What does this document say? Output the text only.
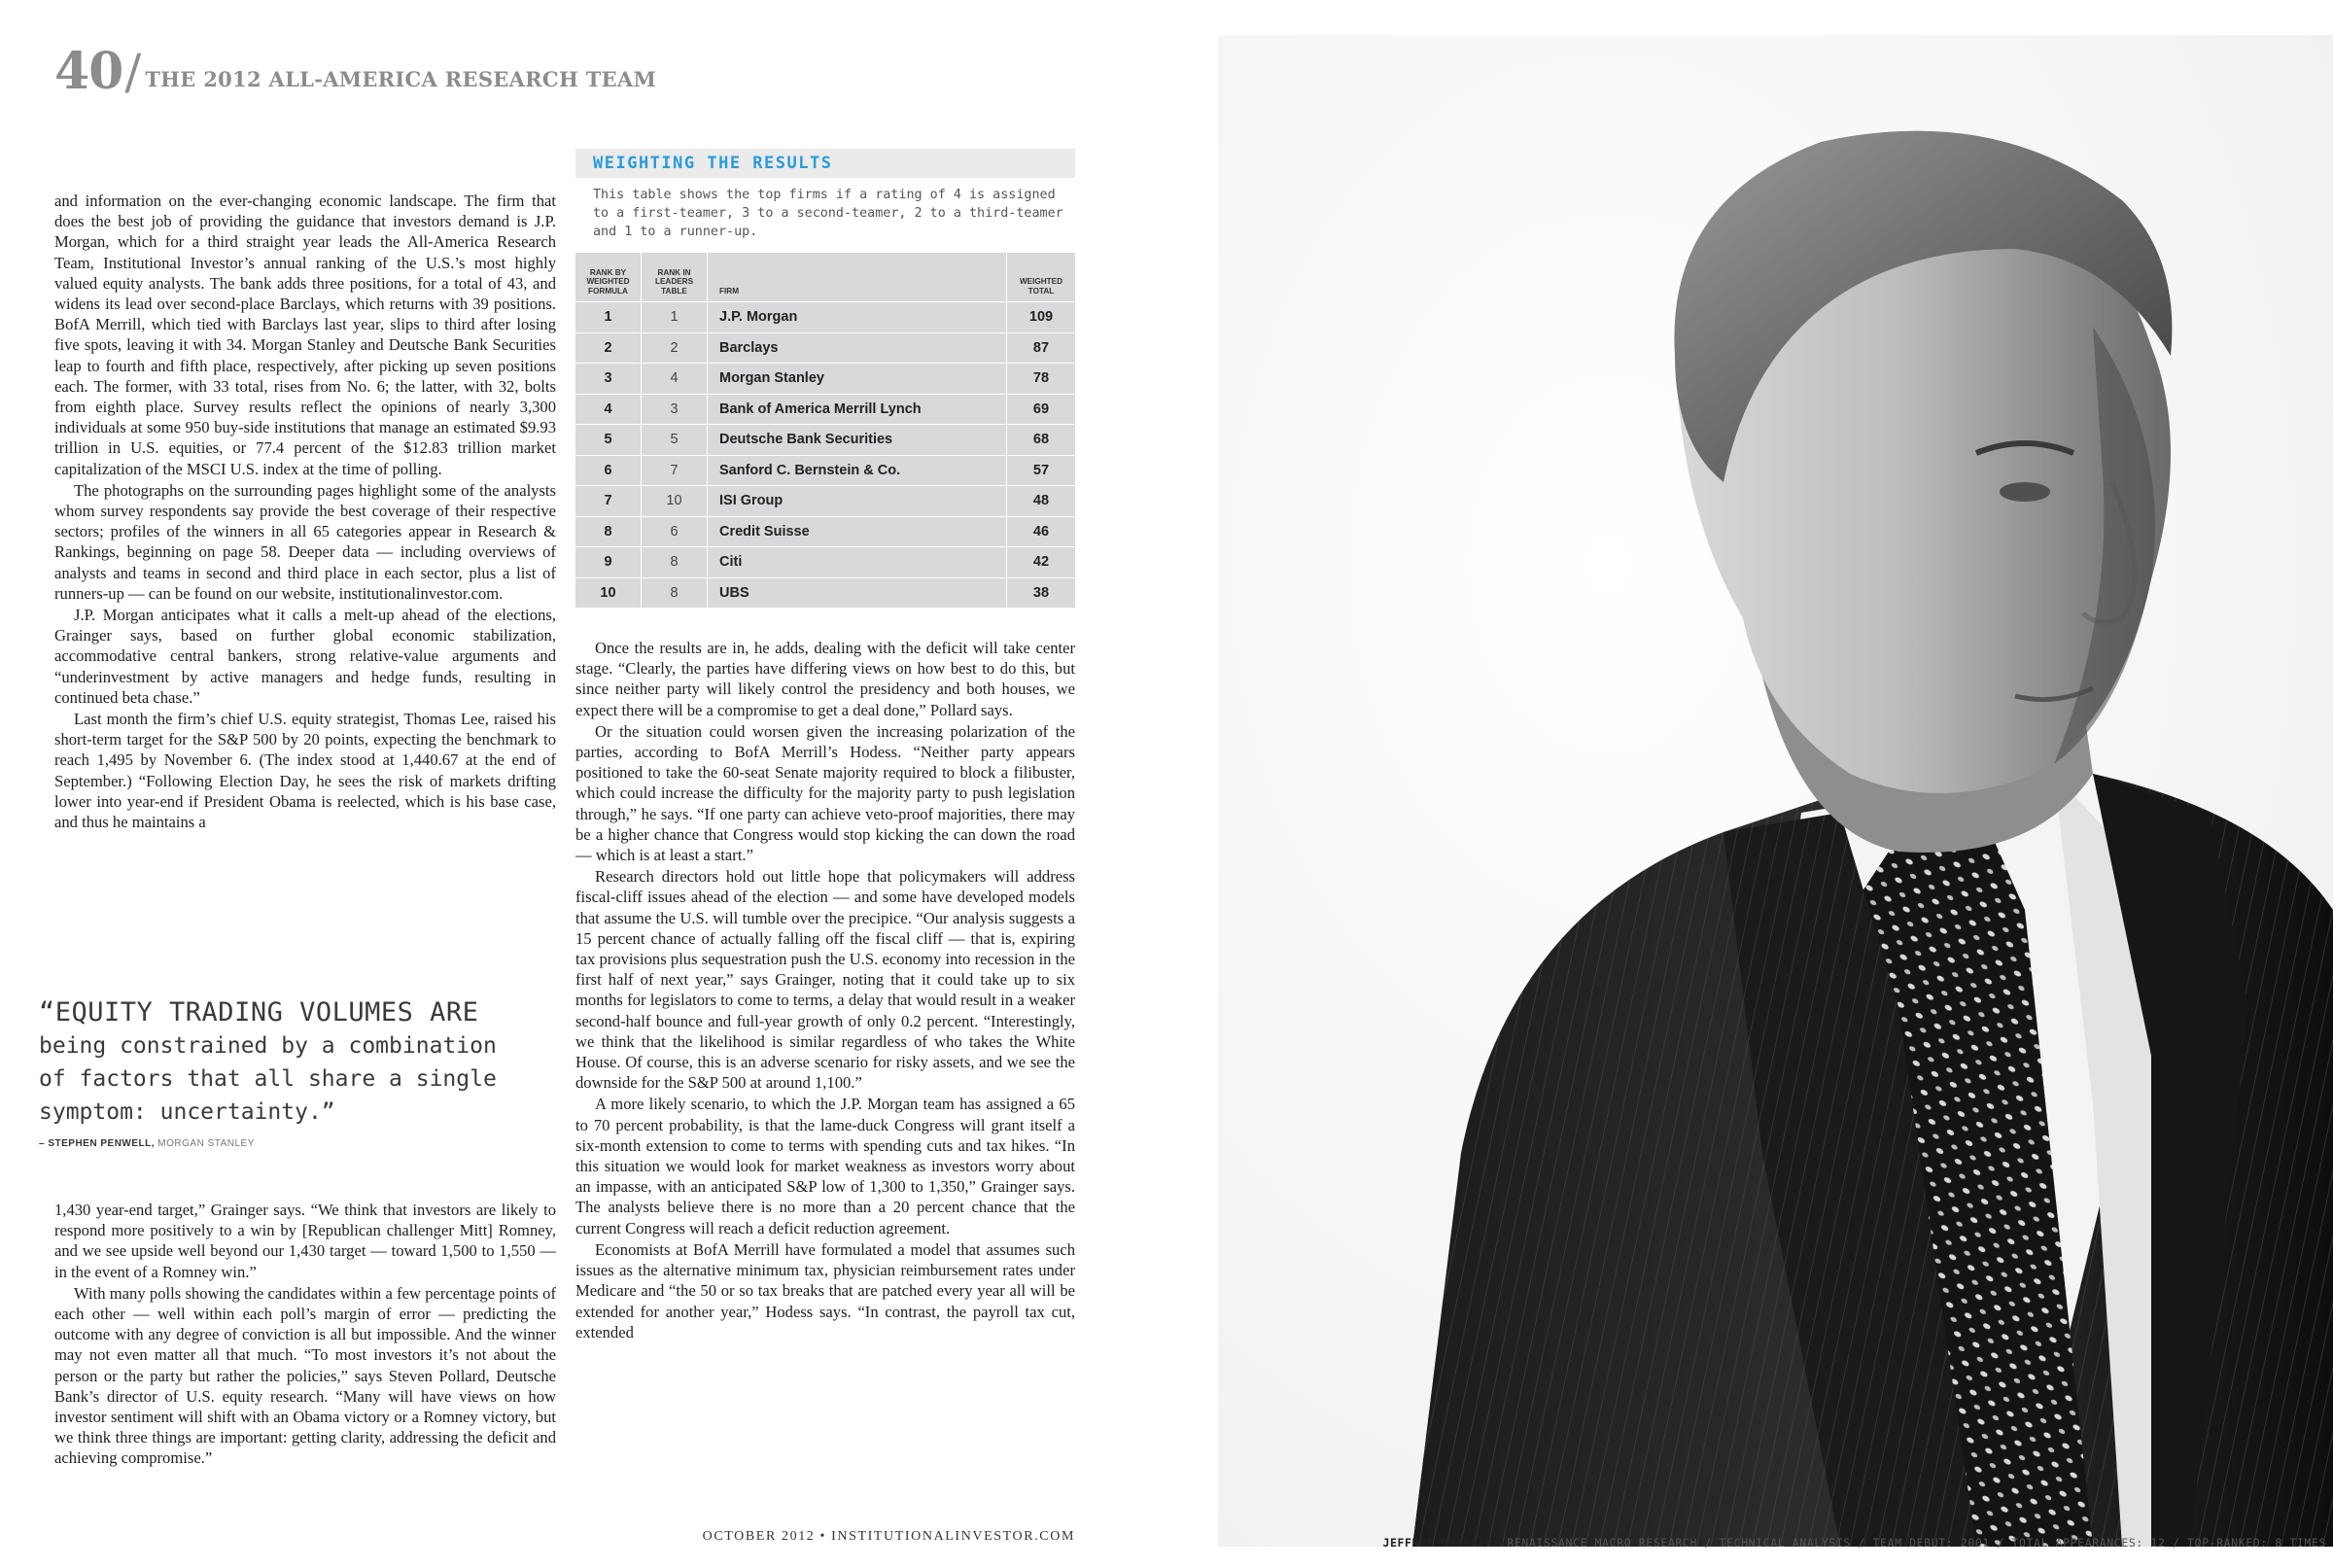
40 / THE 2012 ALL-AMERICA RESEARCH TEAM

and information on the ever-changing economic landscape. The firm that does the best job of providing the guidance that investors demand is J.P. Morgan, which for a third straight year leads the All-America Research Team, Institutional Investor’s annual ranking of the U.S.’s most highly valued equity analysts. The bank adds three positions, for a total of 43, and widens its lead over second-place Barclays, which returns with 39 positions. BofA Merrill, which tied with Barclays last year, slips to third after losing five spots, leaving it with 34. Morgan Stanley and Deutsche Bank Securities leap to fourth and fifth place, respectively, after picking up seven positions each. The former, with 33 total, rises from No. 6; the latter, with 32, bolts from eighth place. Survey results reflect the opinions of nearly 3,300 individuals at some 950 buy-side institutions that manage an estimated $9.93 trillion in U.S. equities, or 77.4 percent of the $12.83 trillion market capitalization of the MSCI U.S. index at the time of polling.

The photographs on the surrounding pages highlight some of the analysts whom survey respondents say provide the best coverage of their respective sectors; profiles of the winners in all 65 categories appear in Research & Rankings, beginning on page 58. Deeper data — including overviews of analysts and teams in second and third place in each sector, plus a list of runners-up — can be found on our website, institutionalinvestor.com.

J.P. Morgan anticipates what it calls a melt-up ahead of the elections, Grainger says, based on further global economic stabilization, accommodative central bankers, strong relative-value arguments and “underinvestment by active managers and hedge funds, resulting in continued beta chase.”

Last month the firm’s chief U.S. equity strategist, Thomas Lee, raised his short-term target for the S&P 500 by 20 points, expecting the benchmark to reach 1,495 by November 6. (The index stood at 1,440.67 at the end of September.) “Following Election Day, he sees the risk of markets drifting lower into year-end if President Obama is reelected, which is his base case, and thus he maintains a

“EQUITY TRADING VOLUMES ARE
being constrained by a combination
of factors that all share a single
symptom: uncertainty.”
– STEPHEN PENWELL, MORGAN STANLEY

1,430 year-end target,” Grainger says. “We think that investors are likely to respond more positively to a win by [Republican challenger Mitt] Romney, and we see upside well beyond our 1,430 target — toward 1,500 to 1,550 — in the event of a Romney win.”

With many polls showing the candidates within a few percentage points of each other — well within each poll’s margin of error — predicting the outcome with any degree of conviction is all but impossible. And the winner may not even matter all that much. “To most investors it’s not about the person or the party but rather the policies,” says Steven Pollard, Deutsche Bank’s director of U.S. equity research. “Many will have views on how investor sentiment will shift with an Obama victory or a Romney victory, but we think three things are important: getting clarity, addressing the deficit and achieving compromise.”

WEIGHTING THE RESULTS
This table shows the top firms if a rating of 4 is assigned to a first-teamer, 3 to a second-teamer, 2 to a third-teamer and 1 to a runner-up.
RANK BY WEIGHTED FORMULA	RANK IN LEADERS TABLE	FIRM	WEIGHTED TOTAL
1	1	J.P. Morgan	109
2	2	Barclays	87
3	4	Morgan Stanley	78
4	3	Bank of America Merrill Lynch	69
5	5	Deutsche Bank Securities	68
6	7	Sanford C. Bernstein & Co.	57
7	10	ISI Group	48
8	6	Credit Suisse	46
9	8	Citi	42
10	8	UBS	38

Once the results are in, he adds, dealing with the deficit will take center stage. “Clearly, the parties have differing views on how best to do this, but since neither party will likely control the presidency and both houses, we expect there will be a compromise to get a deal done,” Pollard says.

Or the situation could worsen given the increasing polarization of the parties, according to BofA Merrill’s Hodess. “Neither party appears positioned to take the 60-seat Senate majority required to block a filibuster, which could increase the difficulty for the majority party to push legislation through,” he says. “If one party can achieve veto-proof majorities, there may be a higher chance that Congress would stop kicking the can down the road — which is at least a start.”

Research directors hold out little hope that policymakers will address fiscal-cliff issues ahead of the election — and some have developed models that assume the U.S. will tumble over the precipice. “Our analysis suggests a 15 percent chance of actually falling off the fiscal cliff — that is, expiring tax provisions plus sequestration push the U.S. economy into recession in the first half of next year,” says Grainger, noting that it could take up to six months for legislators to come to terms, a delay that would result in a weaker second-half bounce and full-year growth of only 0.2 percent. “Interestingly, we think that the likelihood is similar regardless of who takes the White House. Of course, this is an adverse scenario for risky assets, and we see the downside for the S&P 500 at around 1,100.”

A more likely scenario, to which the J.P. Morgan team has assigned a 65 to 70 percent probability, is that the lame-duck Congress will grant itself a six-month extension to come to terms with spending cuts and tax hikes. “In this situation we would look for market weakness as investors worry about an impasse, with an anticipated S&P low of 1,300 to 1,350,” Grainger says. The analysts believe there is no more than a 20 percent chance that the current Congress will reach a deficit reduction agreement.

Economists at BofA Merrill have formulated a model that assumes such issues as the alternative minimum tax, physician reimbursement rates under Medicare and “the 50 or so tax breaks that are patched every year all will be extended for another year,” Hodess says. “In contrast, the payroll tax cut, extended

OCTOBER 2012 • INSTITUTIONALINVESTOR.COM	JEFFREY DEGRAAF: RENAISSANCE MACRO RESEARCH / TECHNICAL ANALYSIS / TEAM DEBUT: 2001 / TOTAL APPEARANCES: 12 / TOP-RANKED: 8 TIMES
